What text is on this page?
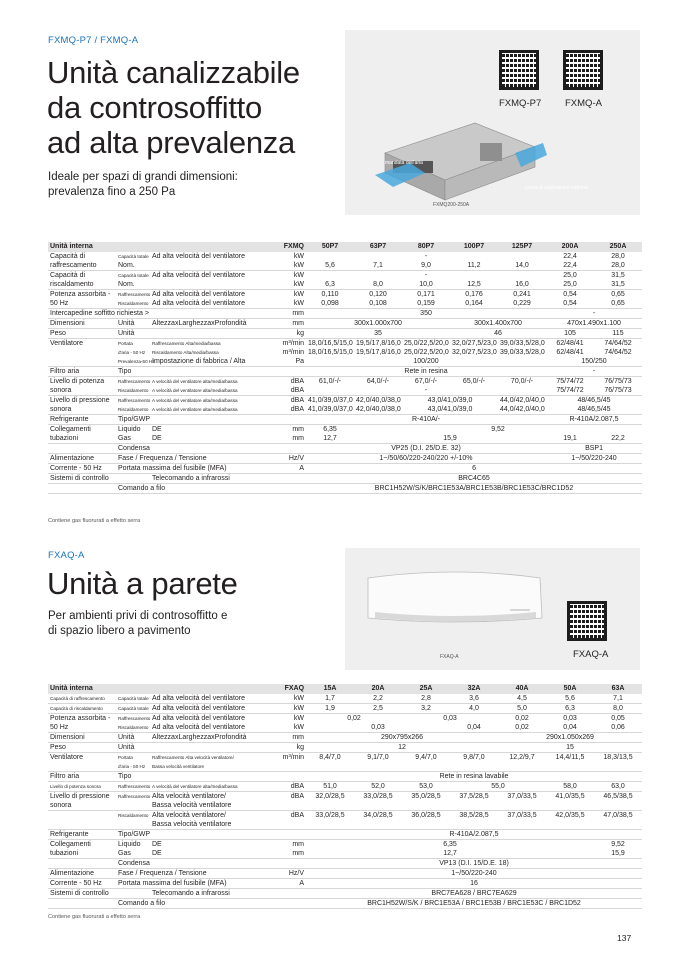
FXMQ-P7 / FXMQ-A
Unità canalizzabile
da controsoffitto
ad alta prevalenza
Ideale per spazi di grandi dimensioni:
prevalenza fino a 250 Pa
FXMQ-P7	FXMQ-A
mandata dell'aria
presa di aspirazione esterna
FXMQ200-250A
Unità interna			FXMQ	50P7	63P7	80P7	100P7	125P7	200A	250A
Capacità di	Capacità totale	Ad alta velocità del ventilatore	kW	-					22,4	28,0
raffrescamento	Nom.		kW	5,6	7,1	9,0	11,2	14,0	22,4	28,0
Capacità di	Capacità totale	Ad alta velocità del ventilatore	kW	-					25,0	31,5
riscaldamento	Nom.		kW	6,3	8,0	10,0	12,5	16,0	25,0	31,5
Potenza assorbita -	Raffrescamento	Ad alta velocità del ventilatore	kW	0,110	0,120	0,171	0,176	0,241	0,54	0,65
50 Hz	Riscaldamento	Ad alta velocità del ventilatore	kW	0,098	0,108	0,159	0,164	0,229	0,54	0,65
Intercapedine soffitto richiesta >			mm	350					-	
Dimensioni	Unità	AltezzaxLarghezzaxProfondità	mm	300x1.000x700			300x1.400x700		470x1.490x1.100	
Peso	Unità		kg	35			46		105	115
Ventilatore	Portata	Raffrescamento Alta/media/bassa	m³/min	18,0/16,5/15,0	19,5/17,8/16,0	25,0/22,5/20,0	32,0/27,5/23,0	39,0/33,5/28,0	62/48/41	74/64/52
	d'aria - 50 Hz	Riscaldamento Alta/media/bassa	m³/min	18,0/16,5/15,0	19,5/17,8/16,0	25,0/22,5/20,0	32,0/27,5/23,0	39,0/33,5/28,0	62/48/41	74/64/52
	Prevalenza-50 Hz	Impostazione di fabbrica / Alta	Pa	100/200					150/250	
Filtro aria	Tipo			Rete in resina					-	
Livello di potenza	Raffrescamento	A velocità del ventilatore alta/media/bassa	dBA	61,0/-/-	64,0/-/-	67,0/-/-	65,0/-/-	70,0/-/-	75/74/72	76/75/73
sonora	Riscaldamento	A velocità del ventilatore alta/media/bassa	dBA	-					75/74/72	76/75/73
Livello di pressione	Raffrescamento	A velocità del ventilatore alta/media/bassa	dBA	41,0/39,0/37,0	42,0/40,0/38,0	43,0/41,0/39,0		44,0/42,0/40,0	48/46,5/45	
sonora	Riscaldamento	A velocità del ventilatore alta/media/bassa	dBA	41,0/39,0/37,0	42,0/40,0/38,0	43,0/41,0/39,0		44,0/42,0/40,0	48/46,5/45	
Refrigerante	Tipo/GWP			R-410A/-					R-410A/2.087,5	
Collegamenti	Liquido	DE	mm	6,35	9,52					
tubazioni	Gas	DE	mm	12,7	15,9				19,1	22,2
	Condensa			VP25 (D.I. 25/D.E. 32)					BSP1	
Alimentazione	Fase / Frequenza / Tensione		Hz/V	1~/50/60/220-240/220 +/-10%					1~/50/220-240	
Corrente - 50 Hz	Portata massima del fusibile (MFA)		A	6						
Sistemi di controllo		Telecomando a infrarossi		BRC4C65						
	Comando a filo			BRC1H52W/S/K/BRC1E53A/BRC1E53B/BRC1E53C/BRC1D52						
Contiene gas fluorurati a effetto serra
FXAQ-A
Unità a parete
Per ambienti privi di controsoffitto e
di spazio libero a pavimento
FXAQ-A
FXAQ-A
Unità interna			FXAQ	15A	20A	25A	32A	40A	50A	63A
Capacità di raffrescamento	Capacità totale	Ad alta velocità del ventilatore	kW	1,7	2,2	2,8	3,6	4,5	5,6	7,1
Capacità di riscaldamento	Capacità totale	Ad alta velocità del ventilatore	kW	1,9	2,5	3,2	4,0	5,0	6,3	8,0
Potenza assorbita -	Raffrescamento	Ad alta velocità del ventilatore	kW	0,02		0,03		0,02	0,03	0,05
50 Hz	Riscaldamento	Ad alta velocità del ventilatore	kW	0,03			0,04	0,02	0,04	0,06
Dimensioni	Unità	AltezzaxLarghezzaxProfondità	mm	290x795x266				290x1.050x269		
Peso	Unità		kg	12				15		
Ventilatore	Portata	Raffrescamento Alta velocità ventilatore/	m³/min	8,4/7,0	9,1/7,0	9,4/7,0	9,8/7,0	12,2/9,7	14,4/11,5	18,3/13,5
	d'aria - 50 Hz	Bassa velocità ventilatore								
Filtro aria	Tipo			Rete in resina lavabile						
Livello di potenza sonora	Raffrescamento	A velocità del ventilatore alta/media/bassa	dBA	51,0	52,0	53,0	55,0		58,0	63,0
Livello di pressione	Raffrescamento	Alta velocità ventilatore/	dBA	32,0/28,5	33,0/28,5	35,0/28,5	37,5/28,5	37,0/33,5	41,0/35,5	46,5/38,5
sonora		Bassa velocità ventilatore								
	Riscaldamento	Alta velocità ventilatore/	dBA	33,0/28,5	34,0/28,5	36,0/28,5	38,5/28,5	37,0/33,5	42,0/35,5	47,0/38,5
		Bassa velocità ventilatore								
Refrigerante	Tipo/GWP			R-410A/2.087,5						
Collegamenti	Liquido	DE	mm	6,35						9,52
tubazioni	Gas	DE	mm	12,7						15,9
	Condensa			VP13 (D.I. 15/D.E. 18)						
Alimentazione	Fase / Frequenza / Tensione		Hz/V	1~/50/220-240						
Corrente - 50 Hz	Portata massima del fusibile (MFA)		A	16						
Sistemi di controllo		Telecomando a infrarossi		BRC7EA628 / BRC7EA629						
	Comando a filo			BRC1H52W/S/K / BRC1E53A / BRC1E53B / BRC1E53C / BRC1D52						
Contiene gas fluorurati a effetto serra
137
